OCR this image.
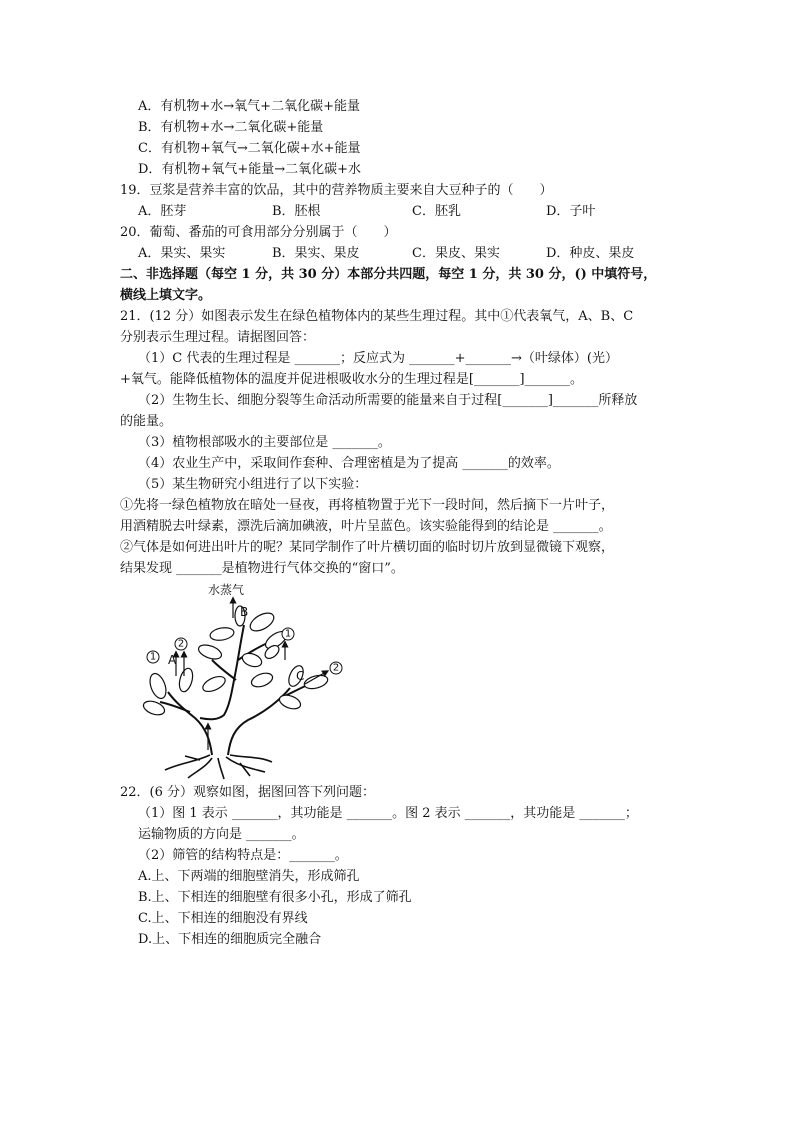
A．有机物+水→氧气+二氧化碳+能量
B．有机物+水→二氧化碳+能量
C．有机物+氧气→二氧化碳+水+能量
D．有机物+氧气+能量→二氧化碳+水
19．豆浆是营养丰富的饮品，其中的营养物质主要来自大豆种子的（　　）
A．胚芽	B．胚根	C．胚乳	D．子叶
20．葡萄、番茄的可食用部分分别属于（　　）
A．果实、果实	B．果实、果皮	C．果皮、果实	D．种皮、果皮
二、非选择题（每空 1 分，共 30 分）本部分共四题，每空 1 分，共 30 分，() 中填符号，
横线上填文字。
21．(12 分）如图表示发生在绿色植物体内的某些生理过程。其中①代表氧气，A、B、C
分别表示生理过程。请据图回答：
（1）C 代表的生理过程是 _______；反应式为 _______+_______→（叶绿体）(光）
+氧气。能降低植物体的温度并促进根吸收水分的生理过程是[_______]_______。
（2）生物生长、细胞分裂等生命活动所需要的能量来自于过程[_______]_______所释放
的能量。
（3）植物根部吸水的主要部位是 _______。
（4）农业生产中，采取间作套种、合理密植是为了提高 _______的效率。
（5）某生物研究小组进行了以下实验：
①先将一绿色植物放在暗处一昼夜，再将植物置于光下一段时间，然后摘下一片叶子，
用酒精脱去叶绿素，漂洗后滴加碘液，叶片呈蓝色。该实验能得到的结论是 _______。
②气体是如何进出叶片的呢？某同学制作了叶片横切面的临时切片放到显微镜下观察，
结果发现 _______是植物进行气体交换的“窗口”。
水蒸气
B
A
C
1
2
1
2
22．(6 分）观察如图，据图回答下列问题：
（1）图 1 表示 _______，其功能是 _______。图 2 表示 _______，其功能是 _______；
运输物质的方向是 _______。
（2）筛管的结构特点是：_______。
A.上、下两端的细胞壁消失，形成筛孔
B.上、下相连的细胞壁有很多小孔，形成了筛孔
C.上、下相连的细胞没有界线
D.上、下相连的细胞质完全融合
